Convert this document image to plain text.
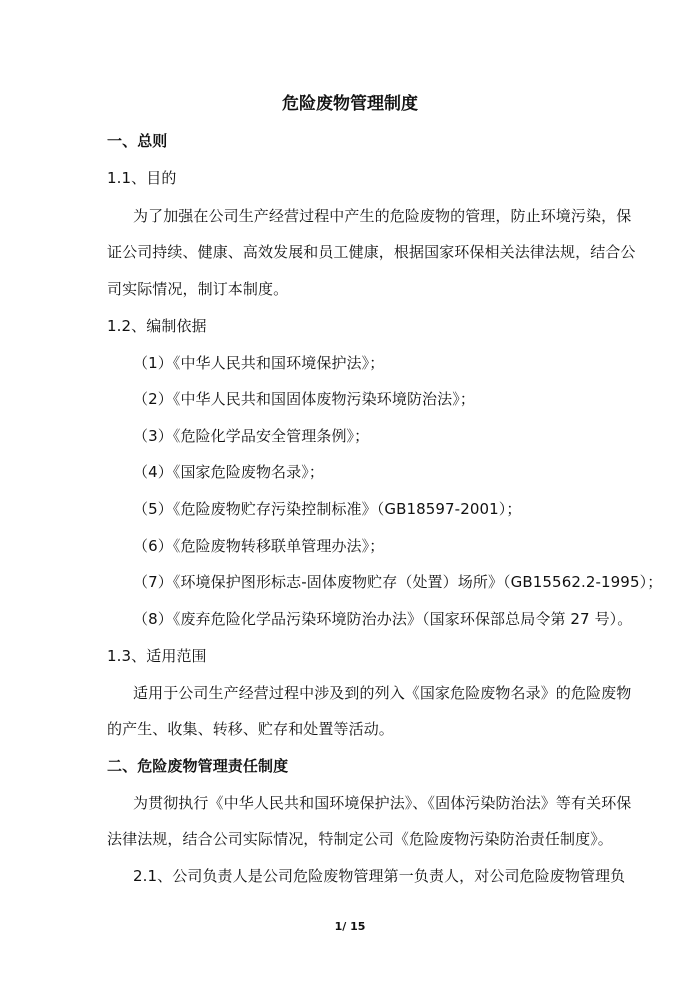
危险废物管理制度
一、总则
1.1、目的
为了加强在公司生产经营过程中产生的危险废物的管理，防止环境污染，保
证公司持续、健康、高效发展和员工健康，根据国家环保相关法律法规，结合公
司实际情况，制订本制度。
1.2、编制依据
（1）《中华人民共和国环境保护法》；
（2）《中华人民共和国固体废物污染环境防治法》；
（3）《危险化学品安全管理条例》；
（4）《国家危险废物名录》；
（5）《危险废物贮存污染控制标准》（GB18597-2001）；
（6）《危险废物转移联单管理办法》；
（7）《环境保护图形标志-固体废物贮存（处置）场所》（GB15562.2-1995）；
（8）《废弃危险化学品污染环境防治办法》（国家环保部总局令第 27 号）。
1.3、适用范围
适用于公司生产经营过程中涉及到的列入《国家危险废物名录》的危险废物
的产生、收集、转移、贮存和处置等活动。
二、危险废物管理责任制度
为贯彻执行《中华人民共和国环境保护法》、《固体污染防治法》等有关环保
法律法规，结合公司实际情况，特制定公司《危险废物污染防治责任制度》。
2.1、公司负责人是公司危险废物管理第一负责人，对公司危险废物管理负
1/ 15
